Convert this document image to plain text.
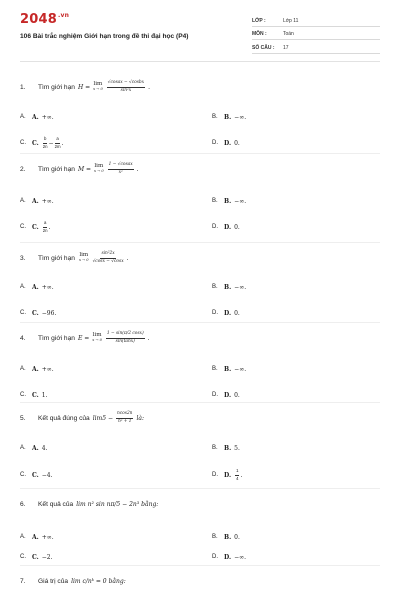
$2048^{.vn}$
106 Bài trắc nghiệm Giới hạn trong đề thi đại học (P4)
LỚP :	Lớp 11
MÔN :	Toán
SỐ CÂU :	17
1.	Tìm giới hạn H = lim
$x \to 0 \frac{\text{√cosax − √cosbx}}{\text{sin²x}}$ .
A.	A. +∞.	B.	B. −∞.
C.	C. $\frac{b}{2n} - \frac{a}{2m}$ .	D.	D. 0.
2.	Tìm giới hạn M = lim
$x \to 0 \frac{\text{1 − √cosax}}{\text{x²}}$ .
A.	A. +∞.	B.	B. −∞.
C.	C. $\frac{a}{2n}$ .	D.	D. 0.
3.	Tìm giới hạn lim
$x \to 0 \frac{\text{sin²2x}}{√\cos x - √\cos x}$ .
A.	A. +∞.	B.	B. −∞.
C.	C. −96.	D.	D. 0.
4.	Tìm giới hạn E = lim
$x \to 0 \frac{1 - \sin(\pi/2 \cos x)}{\sin(\tan x)}$ .
A.	A. +∞.	B.	B. −∞.
C.	C. 1.	D.	D. 0.
5.	Kết quả đúng của $\lim 5 - \frac{ncos2n}{\text{n² + 1}}$ là:
A.	A. 4.	B.	B. 5.
C.	C. −4.	D.	D. $\frac{1}{4}$ .
6.	Kết quả của lim n² sin nπ/5 − 2n³ bằng:
A.	A. +∞.	B.	B. 0.
C.	C. −2.	D.	D. −∞.
7.	Giá trị của lim c/nᵏ = 0 bằng:
